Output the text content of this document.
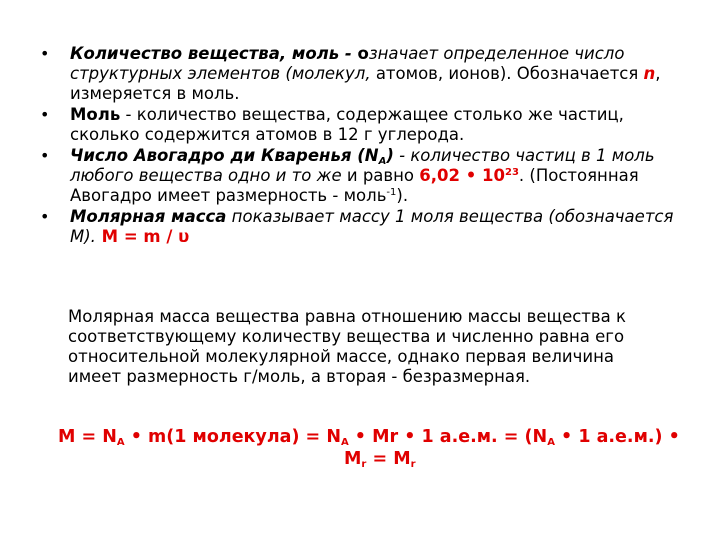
•	Количество вещества, моль - означает определенное число структурных элементов (молекул, атомов, ионов). Обозначается n, измеряется в моль.
•	Моль - количество вещества, содержащее столько же частиц, сколько содержится атомов в 12 г углерода.
•	Число Авогадро ди Кваренья $(N_A)$ - количество частиц в 1 моль любого вещества одно и то же и равно 6,02 • $10^{23}$. (Постоянная Авогадро имеет размерность - моль$^{-1}$).
•	Молярная масса показывает массу 1 моля вещества (обозначается M). M = m / υ
Молярная масса вещества равна отношению массы вещества к соответствующему количеству вещества и численно равна его относительной молекулярной массе, однако первая величина имеет размерность г/моль, а вторая - безразмерная.
$M = N_A$ • m(1 молекула) = $N_A$ • Mr • 1 а.е.м. = ($N_A$ • 1 а.е.м.) •
$M_r = M_r$
